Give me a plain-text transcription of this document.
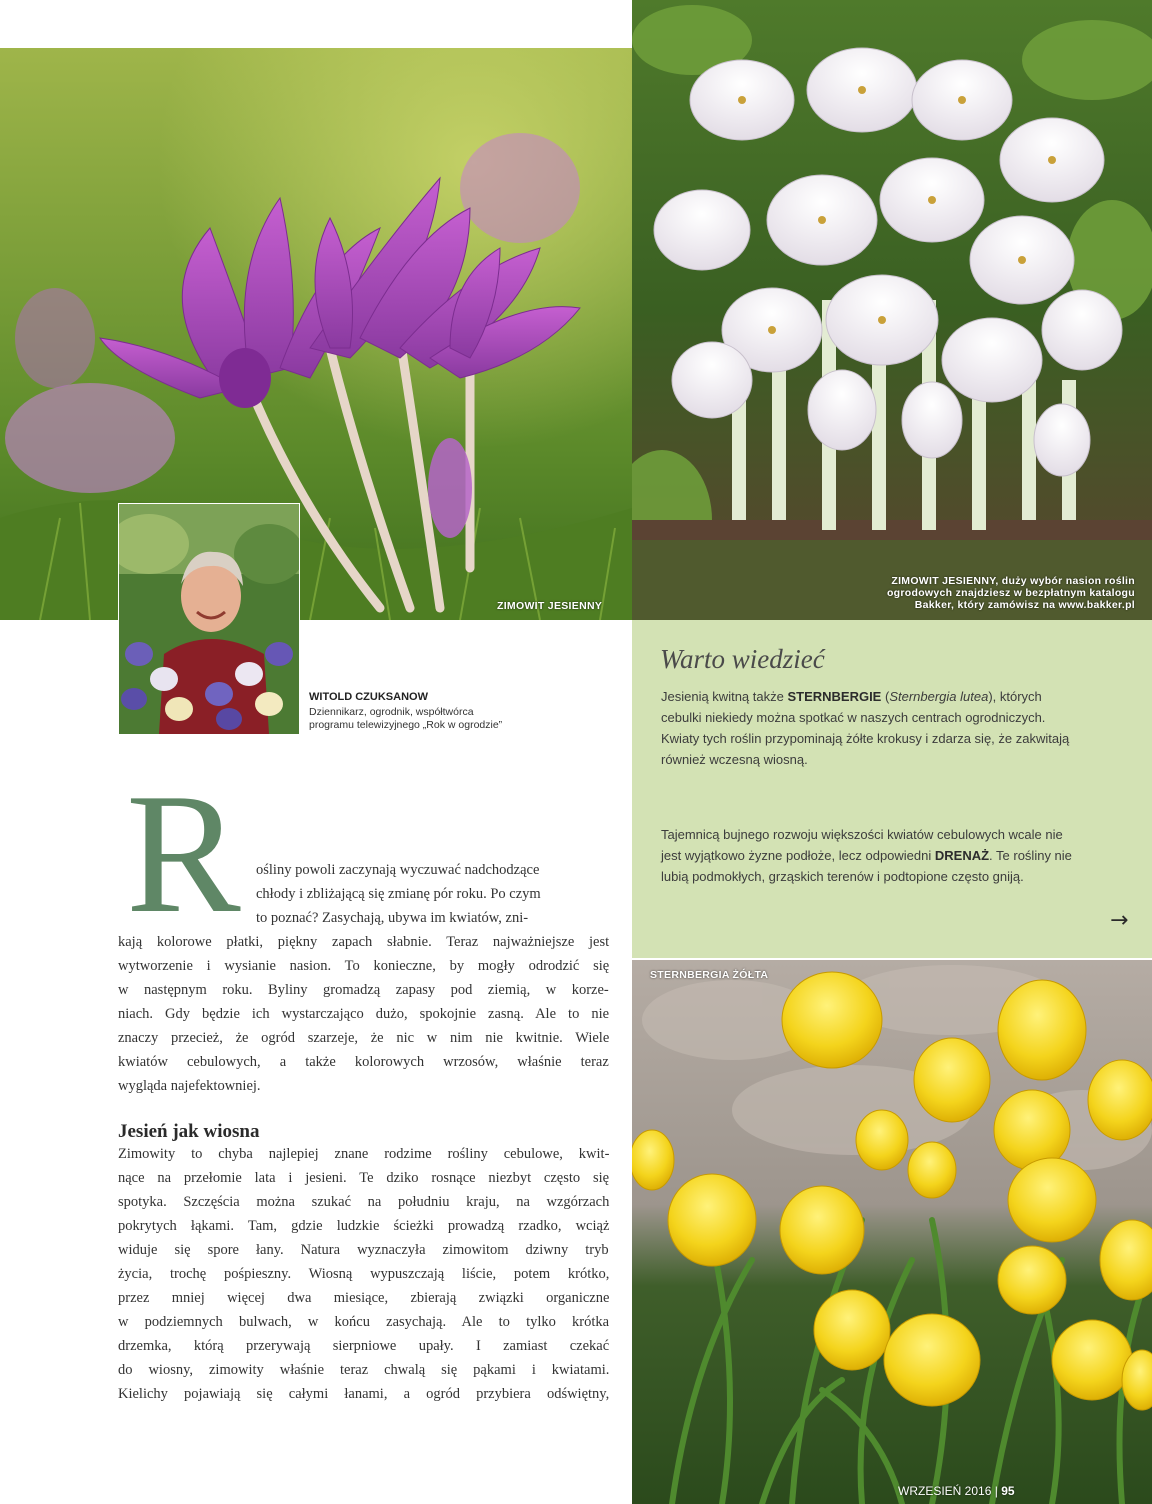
ZIMOWIT JESIENNY
ZIMOWIT JESIENNY, duży wybór nasion roślin
ogrodowych znajdziesz w bezpłatnym katalogu
Bakker, który zamówisz na www.bakker.pl
WITOLD CZUKSANOW
Dziennikarz, ogrodnik, współtwórca
programu telewizyjnego „Rok w ogrodzie”
Warto wiedzieć
Jesienią kwitną także STERNBERGIE (Sternbergia lutea), których cebulki niekiedy można spotkać w naszych centrach ogrodniczych. Kwiaty tych roślin przypominają żółte krokusy i zdarza się, że zakwitają również wczesną wiosną.
Tajemnicą bujnego rozwoju większości kwiatów cebulowych wcale nie jest wyjątkowo żyzne podłoże, lecz odpowiedni DRENAŻ. Te rośliny nie lubią podmokłych, grząskich terenów i podtopione często gniją.
→
STERNBERGIA ŻÓŁTA
R ośliny powoli zaczynają wyczuwać nadchodzące
chłody i zbliżającą się zmianę pór roku. Po czym
to poznać? Zasychają, ubywa im kwiatów, zni-
kają kolorowe płatki, piękny zapach słabnie. Teraz najważniejsze jest
wytworzenie i wysianie nasion. To konieczne, by mogły odrodzić się
w następnym roku. Byliny gromadzą zapasy pod ziemią, w korze-
niach. Gdy będzie ich wystarczająco dużo, spokojnie zasną. Ale to nie
znaczy przecież, że ogród szarzeje, że nic w nim nie kwitnie. Wiele
kwiatów cebulowych, a także kolorowych wrzosów, właśnie teraz
wygląda najefektowniej.
Jesień jak wiosna
Zimowity to chyba najlepiej znane rodzime rośliny cebulowe, kwit-
nące na przełomie lata i jesieni. Te dziko rosnące niezbyt często się
spotyka. Szczęścia można szukać na południu kraju, na wzgórzach
pokrytych łąkami. Tam, gdzie ludzkie ścieżki prowadzą rzadko, wciąż
widuje się spore łany. Natura wyznaczyła zimowitom dziwny tryb
życia, trochę pośpieszny. Wiosną wypuszczają liście, potem krótko,
przez mniej więcej dwa miesiące, zbierają związki organiczne
w podziemnych bulwach, w końcu zasychają. Ale to tylko krótka
drzemka, którą przerywają sierpniowe upały. I zamiast czekać
do wiosny, zimowity właśnie teraz chwalą się pąkami i kwiatami.
Kielichy pojawiają się całymi łanami, a ogród przybiera odświętny,
WRZESIEŃ 2016 | 95
